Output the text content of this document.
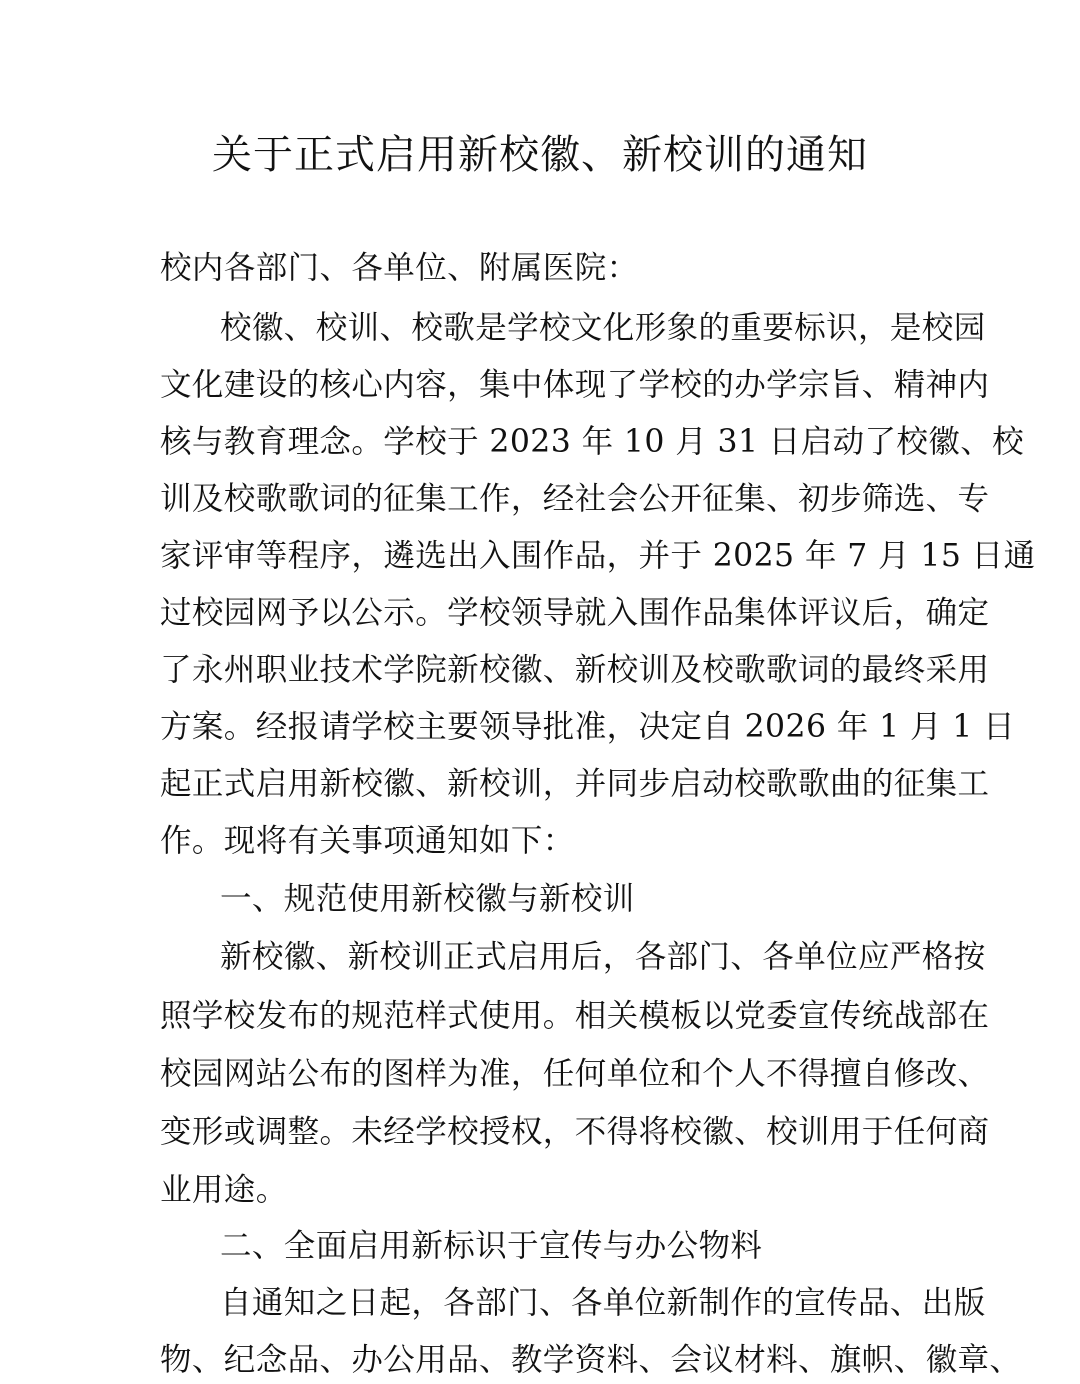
关于正式启用新校徽、新校训的通知
校内各部门、各单位、附属医院：
校徽、校训、校歌是学校文化形象的重要标识，是校园
文化建设的核心内容，集中体现了学校的办学宗旨、精神内
核与教育理念。学校于 2023 年 10 月 31 日启动了校徽、校
训及校歌歌词的征集工作，经社会公开征集、初步筛选、专
家评审等程序，遴选出入围作品，并于 2025 年 7 月 15 日通
过校园网予以公示。学校领导就入围作品集体评议后，确定
了永州职业技术学院新校徽、新校训及校歌歌词的最终采用
方案。经报请学校主要领导批准，决定自 2026 年 1 月 1 日
起正式启用新校徽、新校训，并同步启动校歌歌曲的征集工
作。现将有关事项通知如下：
一、规范使用新校徽与新校训
新校徽、新校训正式启用后，各部门、各单位应严格按
照学校发布的规范样式使用。相关模板以党委宣传统战部在
校园网站公布的图样为准，任何单位和个人不得擅自修改、
变形或调整。未经学校授权，不得将校徽、校训用于任何商
业用途。
二、全面启用新标识于宣传与办公物料
自通知之日起，各部门、各单位新制作的宣传品、出版
物、纪念品、办公用品、教学资料、会议材料、旗帜、徽章、
